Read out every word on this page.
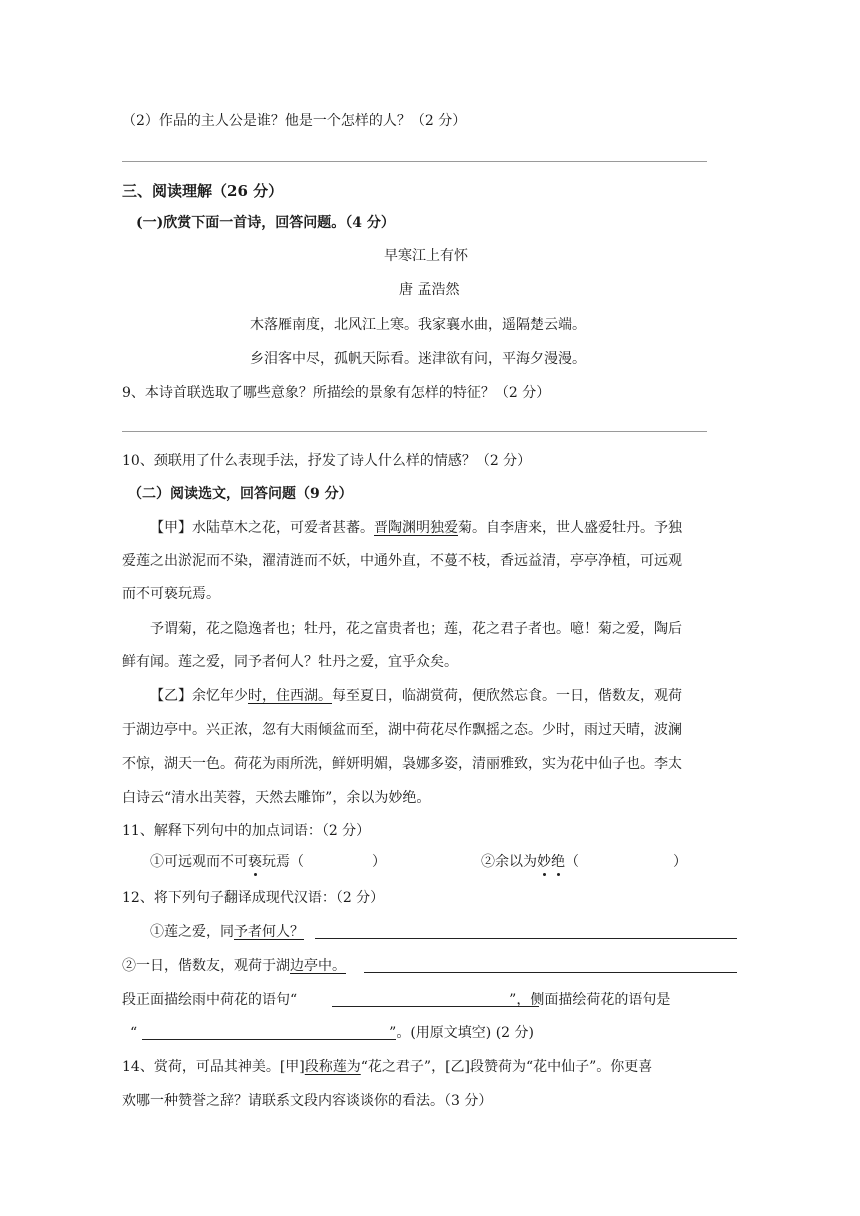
（2）作品的主人公是谁？他是一个怎样的人？（2 分）
三、阅读理解（26 分）
(一)欣赏下面一首诗，回答问题。（4 分）
早寒江上有怀
唐 孟浩然
木落雁南度，北风江上寒。我家襄水曲，遥隔楚云端。
乡泪客中尽，孤帆天际看。迷津欲有问，平海夕漫漫。
9、本诗首联选取了哪些意象？所描绘的景象有怎样的特征？（2 分）
10、颈联用了什么表现手法，抒发了诗人什么样的情感？（2 分）
（二）阅读选文，回答问题（9 分）
【甲】水陆草木之花，可爱者甚蕃。晋陶渊明独爱菊。自李唐来，世人盛爱牡丹。予独
爱莲之出淤泥而不染，濯清涟而不妖，中通外直，不蔓不枝，香远益清，亭亭净植，可远观
而不可亵玩焉。
予谓菊，花之隐逸者也；牡丹，花之富贵者也；莲，花之君子者也。噫！菊之爱，陶后
鲜有闻。莲之爱，同予者何人？牡丹之爱，宜乎众矣。
【乙】余忆年少时，住西湖。每至夏日，临湖赏荷，便欣然忘食。一日，偕数友，观荷
于湖边亭中。兴正浓，忽有大雨倾盆而至，湖中荷花尽作飘摇之态。少时，雨过天晴，波澜
不惊，湖天一色。荷花为雨所洗，鲜妍明媚，袅娜多姿，清丽雅致，实为花中仙子也。李太
白诗云“清水出芙蓉，天然去雕饰”，余以为妙绝。
11、解释下列句中的加点词语：（2 分）
①可远观而不可亵玩焉（	）	②余以为妙绝（	）
12、将下列句子翻译成现代汉语：（2 分）
①莲之爱，同予者何人？
②一日，偕数友，观荷于湖边亭中。
段正面描绘雨中荷花的语句“	”，侧面描绘荷花的语句是
“	”。(用原文填空) (2 分)
14、赏荷，可品其神美。[甲]段称莲为“花之君子”，[乙]段赞荷为“花中仙子”。你更喜
欢哪一种赞誉之辞？请联系文段内容谈谈你的看法。（3 分）
